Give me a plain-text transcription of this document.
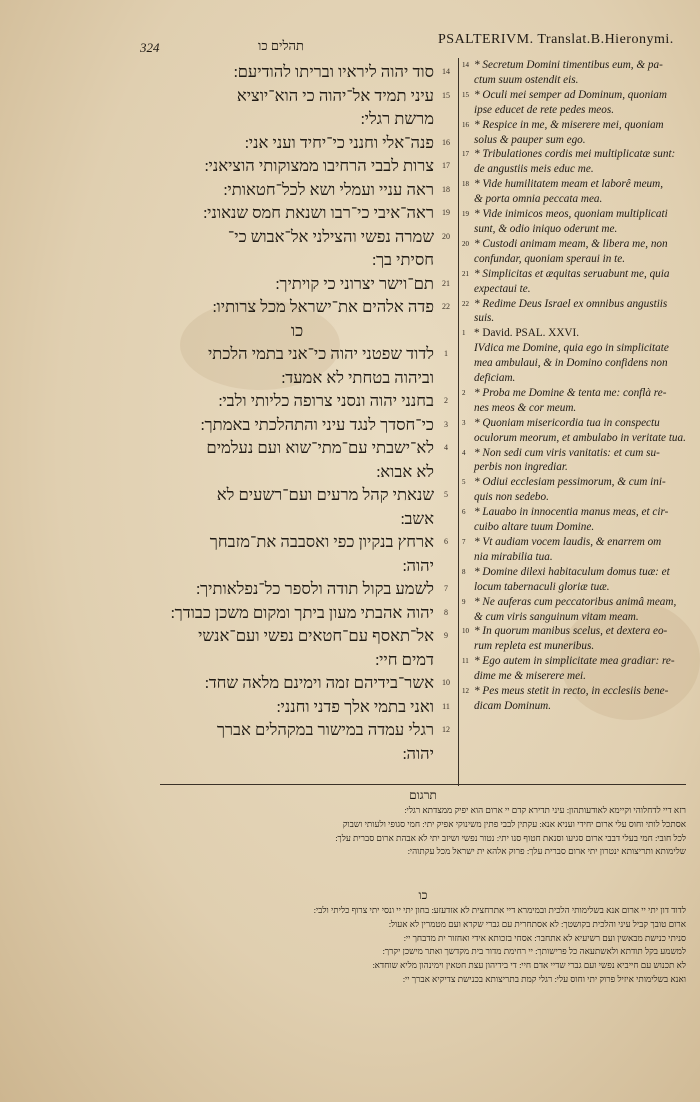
324	תהלים כו	PSALTERIVM. Translat.B.Hieronymi.
סוד יהוה ליראיו ובריתו להודיעם ׃
עיני תמיד אל־יהוה כי הוא־יוציא
מרשת רגלי ׃
פנה־אלי וחנני כי־יחיד ועני אני ׃
צרות לבבי הרחיבו ממצוקותי הוציאני ׃
ראה עניי ועמלי ושא לכל־חטאותי ׃
ראה־איבי כי־רבו ושנאת חמס שנאוני ׃
שמרה נפשי והצילני אל־אבוש כי־
חסיתי בך ׃
תם־וישר יצרוני כי קויתיך ׃
פדה אלהים את־ישראל מכל צרותיו ׃
כו
לדוד שפטני יהוה כי־אני בתמי הלכתי
וביהוה בטחתי לא אמעד ׃
בחנני יהוה ונסני צרופה כליותי ולבי ׃
כי־חסדך לנגד עיני והתהלכתי באמתך ׃
לא־ישבתי עם־מתי־שוא ועם נעלמים
לא אבוא ׃
שנאתי קהל מרעים ועם־רשעים לא
אשב ׃
ארחץ בנקיון כפי ואסבבה את־מזבחך
יהוה ׃
לשמע בקול תודה ולספר כל־נפלאותיך ׃
יהוה אהבתי מעון ביתך ומקום משכן כבודך ׃
אל־תאסף עם־חטאים נפשי ועם־אנשי
דמים חיי ׃
אשר־בידיהם זמה וימינם מלאה שחד ׃
ואני בתמי אלך פדני וחנני ׃
רגלי עמדה במישור במקהלים אברך
יהוה ׃
14
15

16
17
18
19
20

21
22

1

2
3
4

5

6

7
8
9

10
11
12

14 * Secretum Domini timentibus eum, & pa-
ctum suum ostendit eis.
15 * Oculi mei semper ad Dominum, quoniam
ipse educet de rete pedes meos.
16 * Respice in me, & miserere mei, quoniam
solus & pauper sum ego.
17 * Tribulationes cordis mei multiplicatæ sunt:
de angustiis meis educ me.
18 * Vide humilitatem meam et laborê meum,
& porta omnia peccata mea.
19 * Vide inimicos meos, quoniam multiplicati
sunt, & odio iniquo oderunt me.
20 * Custodi animam meam, & libera me, non
confundar, quoniam speraui in te.
21 * Simplicitas et æquitas seruabunt me, quia
expectaui te.
22 * Redime Deus Israel ex omnibus angustiis
suis.
1 * David. PSAL. XXVI.
IVdica me Domine, quia ego in simplicitate
mea ambulaui, & in Domino confidens non
deficiam.
2 * Proba me Domine & tenta me: conflà re-
nes meos & cor meum.
3 * Quoniam misericordia tua in conspectu
oculorum meorum, et ambulabo in veritate tua.
4 * Non sedi cum viris vanitatis: et cum su-
perbis non ingrediar.
5 * Odiui ecclesiam pessimorum, & cum ini-
quis non sedebo.
6 * Lauabo in innocentia manus meas, et cir-
cuibo altare tuum Domine.
7 * Vt audiam vocem laudis, & enarrem om
nia mirabilia tua.
8 * Domine dilexi habitaculum domus tuæ: et
locum tabernaculi gloriæ tuæ.
9 * Ne auferas cum peccatoribus animâ meam,
& cum viris sanguinum vitam meam.
10 * In quorum manibus scelus, et dextera eo-
rum repleta est muneribus.
11 * Ego autem in simplicitate mea gradiar: re-
dime me & miserere mei.
12 * Pes meus stetit in recto, in ecclesiis bene-
dicam Dominum.
תרגום
רזא דיי לדחלוהי וקיימא לאודעותהון ׃ עיני תדירא קדם יי ארום הוא יפיק ממצדתא רגלי ׃
אסתכל לותי וחוס עלי ארום יחידי ועניא אנא ׃ עקתין לבבי פתין משינוקי אפיק יתי ׃ חמי סגופי ולעותי ושבוק
לכל חובי ׃ חמי בעלי דבבי ארום סגיעו וסנאת חטוף סנו יתי ׃ נטור נפשי ושיזב יתי לא אבהת ארום סברית עלך ׃
שלימותא ותריצותא ינטרון יתי ארום סברית עלך ׃ פרוק אלהא ית ישראל מכל עקתוהי ׃
כו
לדוד דון יתי יי ארום אנא בשלימותי הלכית ובמימרא דיי אתרחצית לא אזדעזע ׃ בחון יתי יי ונסי יתי צרוף כליתי ולבי ׃
ארום טובך קביל עיני והלכית בקושטך ׃ לא אסתחרית עם גברי שקרא ועם מטמרין לא אעול ׃
סניתי כנישת מבאשין ועם רשיעיא לא אתחבר ׃ אסחי בזכותא אידי ואחזור ית מדבחך יי ׃
למשמע בקל תודתא ולאשתעאה כל פרישותך ׃ יי רחימת מדור בית מקדשך ואתר מישכן יקרך ׃
לא תכנוש עם חייביא נפשי ועם גברי שדיי אדם חיי ׃ די בידיהון עצת חטאין וימינהון מליא שוחדא ׃
ואנא בשלימותי איזיל פרוק יתי וחוס עלי ׃ רגלי קמת בתריצותא בכנישת צדיקיא אברך יי ׃
